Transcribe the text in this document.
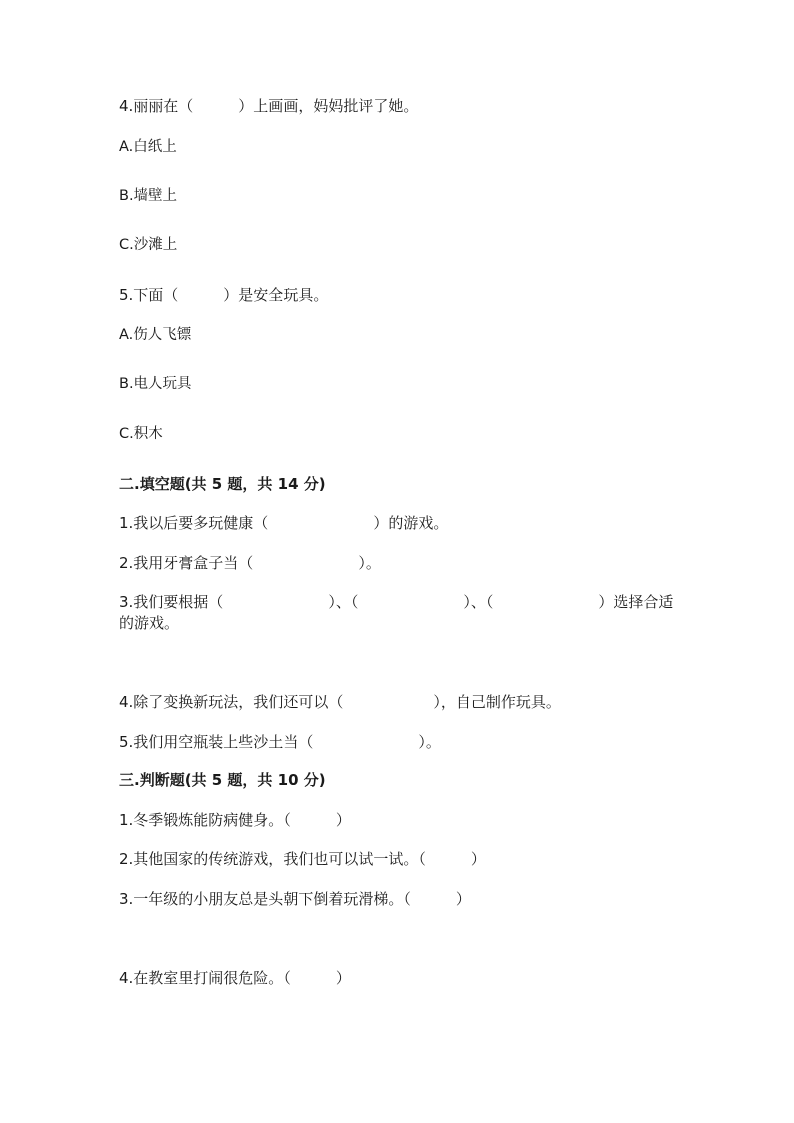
4.丽丽在（　　　）上画画，妈妈批评了她。

A.白纸上

B.墙壁上

C.沙滩上

5.下面（　　　）是安全玩具。

A.伤人飞镖

B.电人玩具

C.积木

二.填空题(共 5 题，共 14 分)

1.我以后要多玩健康（　　　　　　　）的游戏。

2.我用牙膏盒子当（　　　　　　　）。

3.我们要根据（　　　　　　　）、（　　　　　　　）、（　　　　　　　）选择合适

的游戏。

4.除了变换新玩法，我们还可以（　　　　　　），自己制作玩具。

5.我们用空瓶装上些沙土当（　　　　　　　）。

三.判断题(共 5 题，共 10 分)

1.冬季锻炼能防病健身。（　　　）

2.其他国家的传统游戏，我们也可以试一试。（　　　）

3.一年级的小朋友总是头朝下倒着玩滑梯。（　　　）

4.在教室里打闹很危险。（　　　）
